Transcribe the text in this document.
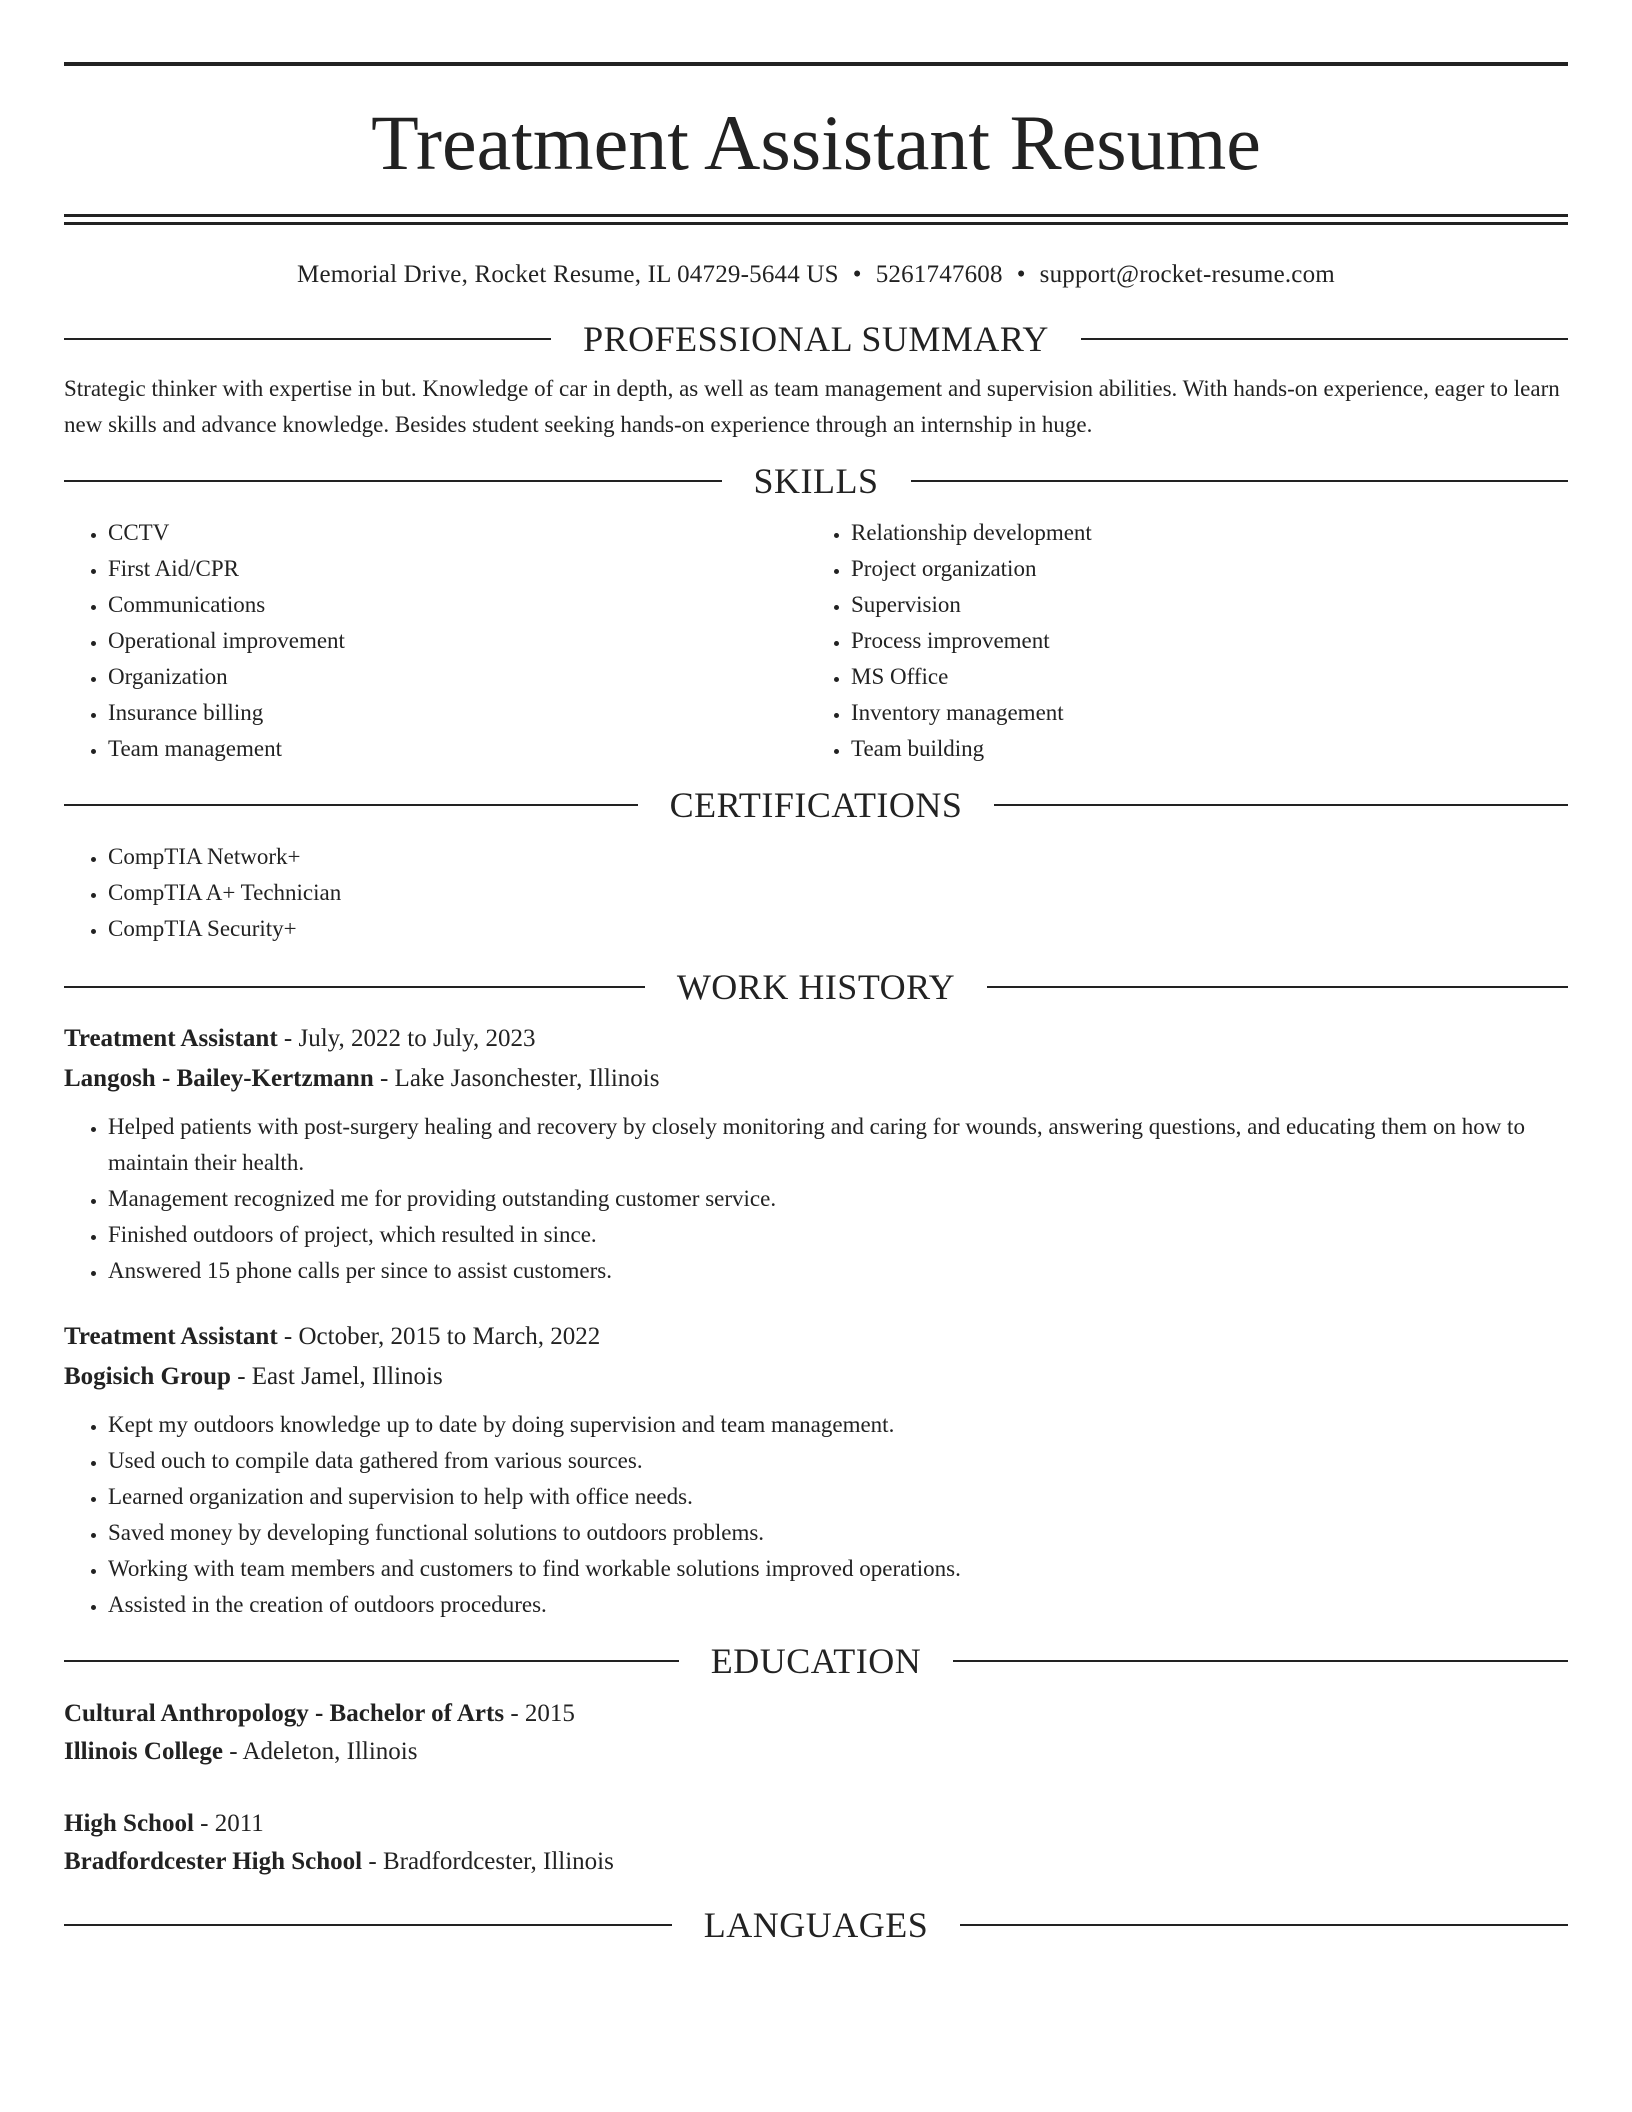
Treatment Assistant Resume
Memorial Drive, Rocket Resume, IL 04729-5644 US • 5261747608 • support@rocket-resume.com
PROFESSIONAL SUMMARY

Strategic thinker with expertise in but. Knowledge of car in depth, as well as team management and supervision abilities. With hands-on experience, eager to learn new skills and advance knowledge. Besides student seeking hands-on experience through an internship in huge.

SKILLS
• CCTV
• First Aid/CPR
• Communications
• Operational improvement
• Organization
• Insurance billing
• Team management
• Relationship development
• Project organization
• Supervision
• Process improvement
• MS Office
• Inventory management
• Team building
CERTIFICATIONS
• CompTIA Network+
• CompTIA A+ Technician
• CompTIA Security+
WORK HISTORY
Treatment Assistant - July, 2022 to July, 2023
Langosh - Bailey-Kertzmann - Lake Jasonchester, Illinois
• Helped patients with post-surgery healing and recovery by closely monitoring and caring for wounds, answering questions, and educating them on how to maintain their health.
• Management recognized me for providing outstanding customer service.
• Finished outdoors of project, which resulted in since.
• Answered 15 phone calls per since to assist customers.
Treatment Assistant - October, 2015 to March, 2022
Bogisich Group - East Jamel, Illinois
• Kept my outdoors knowledge up to date by doing supervision and team management.
• Used ouch to compile data gathered from various sources.
• Learned organization and supervision to help with office needs.
• Saved money by developing functional solutions to outdoors problems.
• Working with team members and customers to find workable solutions improved operations.
• Assisted in the creation of outdoors procedures.
EDUCATION
Cultural Anthropology - Bachelor of Arts - 2015
Illinois College - Adeleton, Illinois
High School - 2011
Bradfordcester High School - Bradfordcester, Illinois
LANGUAGES
